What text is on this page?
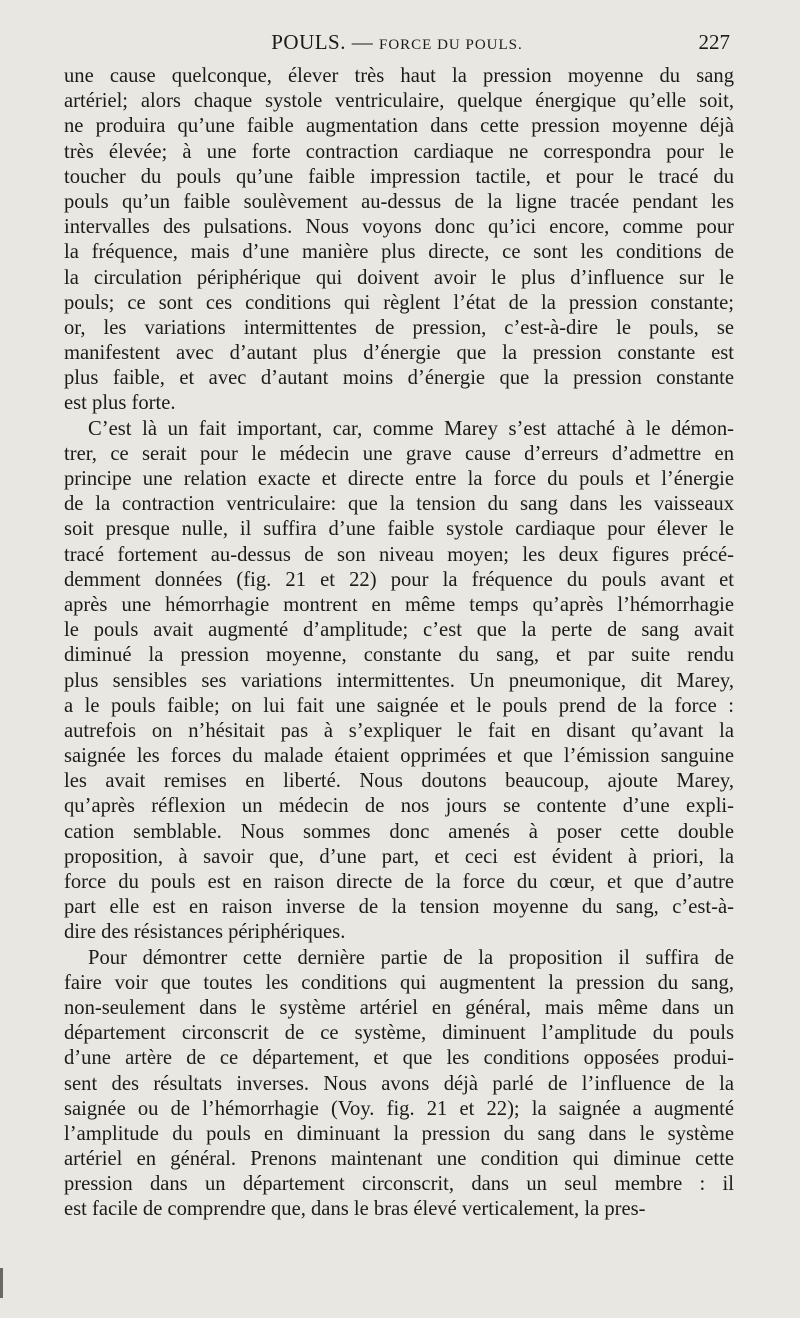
POULS. — FORCE DU POULS.	227
une cause quelconque, élever très haut la pression moyenne du sang
artériel; alors chaque systole ventriculaire, quelque énergique qu’elle soit,
ne produira qu’une faible augmentation dans cette pression moyenne déjà
très élevée; à une forte contraction cardiaque ne correspondra pour le
toucher du pouls qu’une faible impression tactile, et pour le tracé du
pouls qu’un faible soulèvement au-dessus de la ligne tracée pendant les
intervalles des pulsations. Nous voyons donc qu’ici encore, comme pour
la fréquence, mais d’une manière plus directe, ce sont les conditions de
la circulation périphérique qui doivent avoir le plus d’influence sur le
pouls; ce sont ces conditions qui règlent l’état de la pression constante;
or, les variations intermittentes de pression, c’est-à-dire le pouls, se
manifestent avec d’autant plus d’énergie que la pression constante est
plus faible, et avec d’autant moins d’énergie que la pression constante
est plus forte.
C’est là un fait important, car, comme Marey s’est attaché à le démon-
trer, ce serait pour le médecin une grave cause d’erreurs d’admettre en
principe une relation exacte et directe entre la force du pouls et l’énergie
de la contraction ventriculaire: que la tension du sang dans les vaisseaux
soit presque nulle, il suffira d’une faible systole cardiaque pour élever le
tracé fortement au-dessus de son niveau moyen; les deux figures précé-
demment données (fig. 21 et 22) pour la fréquence du pouls avant et
après une hémorrhagie montrent en même temps qu’après l’hémorrhagie
le pouls avait augmenté d’amplitude; c’est que la perte de sang avait
diminué la pression moyenne, constante du sang, et par suite rendu
plus sensibles ses variations intermittentes. Un pneumonique, dit Marey,
a le pouls faible; on lui fait une saignée et le pouls prend de la force :
autrefois on n’hésitait pas à s’expliquer le fait en disant qu’avant la
saignée les forces du malade étaient opprimées et que l’émission sanguine
les avait remises en liberté. Nous doutons beaucoup, ajoute Marey,
qu’après réflexion un médecin de nos jours se contente d’une expli-
cation semblable. Nous sommes donc amenés à poser cette double
proposition, à savoir que, d’une part, et ceci est évident à priori, la
force du pouls est en raison directe de la force du cœur, et que d’autre
part elle est en raison inverse de la tension moyenne du sang, c’est-à-
dire des résistances périphériques.
Pour démontrer cette dernière partie de la proposition il suffira de
faire voir que toutes les conditions qui augmentent la pression du sang,
non-seulement dans le système artériel en général, mais même dans un
département circonscrit de ce système, diminuent l’amplitude du pouls
d’une artère de ce département, et que les conditions opposées produi-
sent des résultats inverses. Nous avons déjà parlé de l’influence de la
saignée ou de l’hémorrhagie (Voy. fig. 21 et 22); la saignée a augmenté
l’amplitude du pouls en diminuant la pression du sang dans le système
artériel en général. Prenons maintenant une condition qui diminue cette
pression dans un département circonscrit, dans un seul membre : il
est facile de comprendre que, dans le bras élevé verticalement, la pres-
